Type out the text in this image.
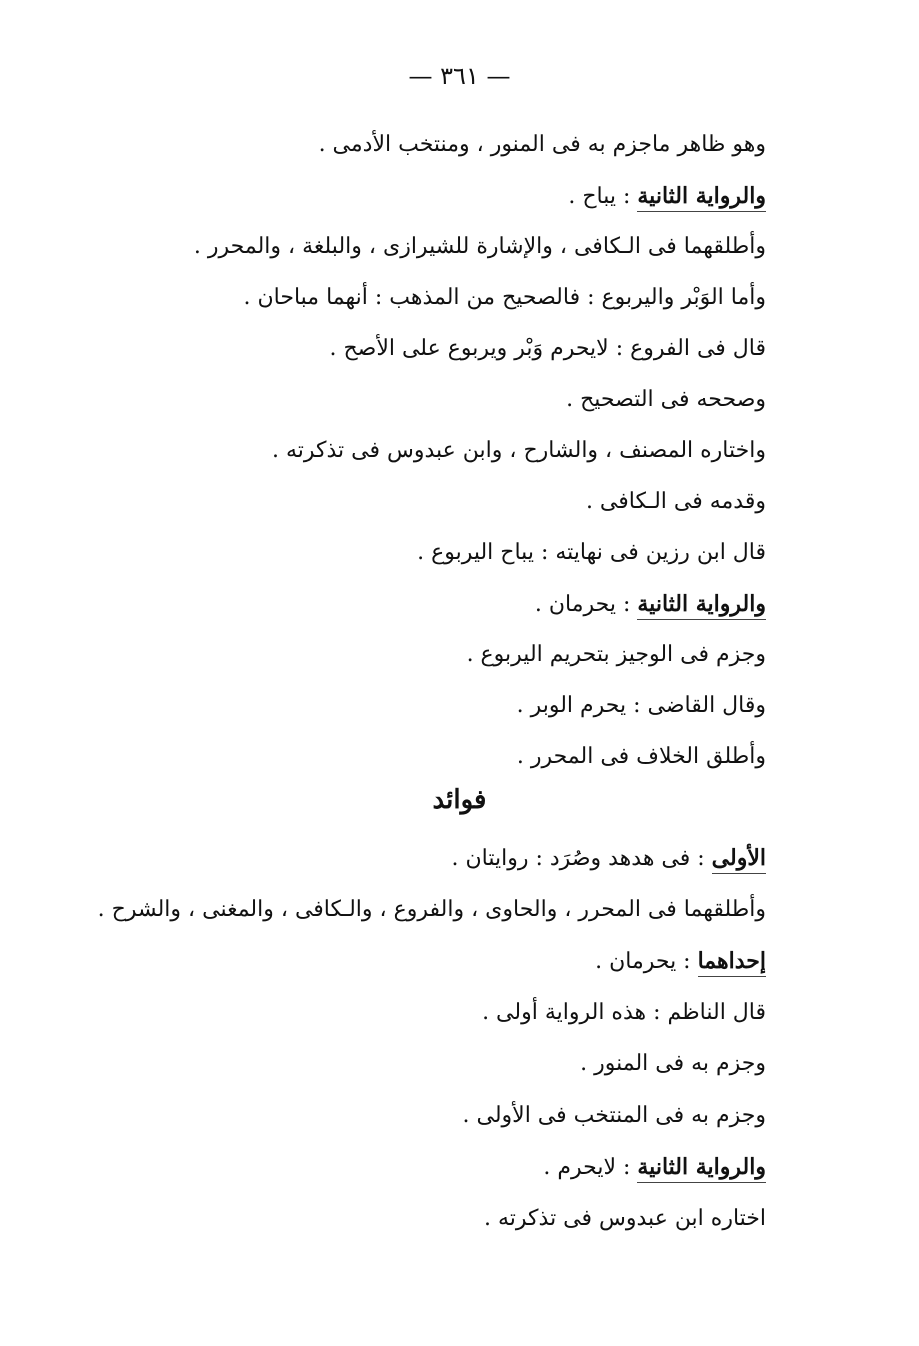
— ٣٦١ —
وهو ظاهر ماجزم به فى المنور ، ومنتخب الأدمى .
والرواية الثانية : يباح .
وأطلقهما فى الـكافى ، والإشارة للشيرازى ، والبلغة ، والمحرر .
وأما الوَبْر واليربوع : فالصحيح من المذهب : أنهما مباحان .
قال فى الفروع : لايحرم وَبْر ويربوع على الأصح .
وصححه فى التصحيح .
واختاره المصنف ، والشارح ، وابن عبدوس فى تذكرته .
وقدمه فى الـكافى .
قال ابن رزين فى نهايته : يباح اليربوع .
والرواية الثانية : يحرمان .
وجزم فى الوجيز بتحريم اليربوع .
وقال القاضى : يحرم الوبر .
وأطلق الخلاف فى المحرر .
فوائد
الأولى : فى هدهد وصُرَد : روايتان .
وأطلقهما فى المحرر ، والحاوى ، والفروع ، والـكافى ، والمغنى ، والشرح .
إحداهما : يحرمان .
قال الناظم : هذه الرواية أولى .
وجزم به فى المنور .
وجزم به فى المنتخب فى الأولى .
والرواية الثانية : لايحرم .
اختاره ابن عبدوس فى تذكرته .
